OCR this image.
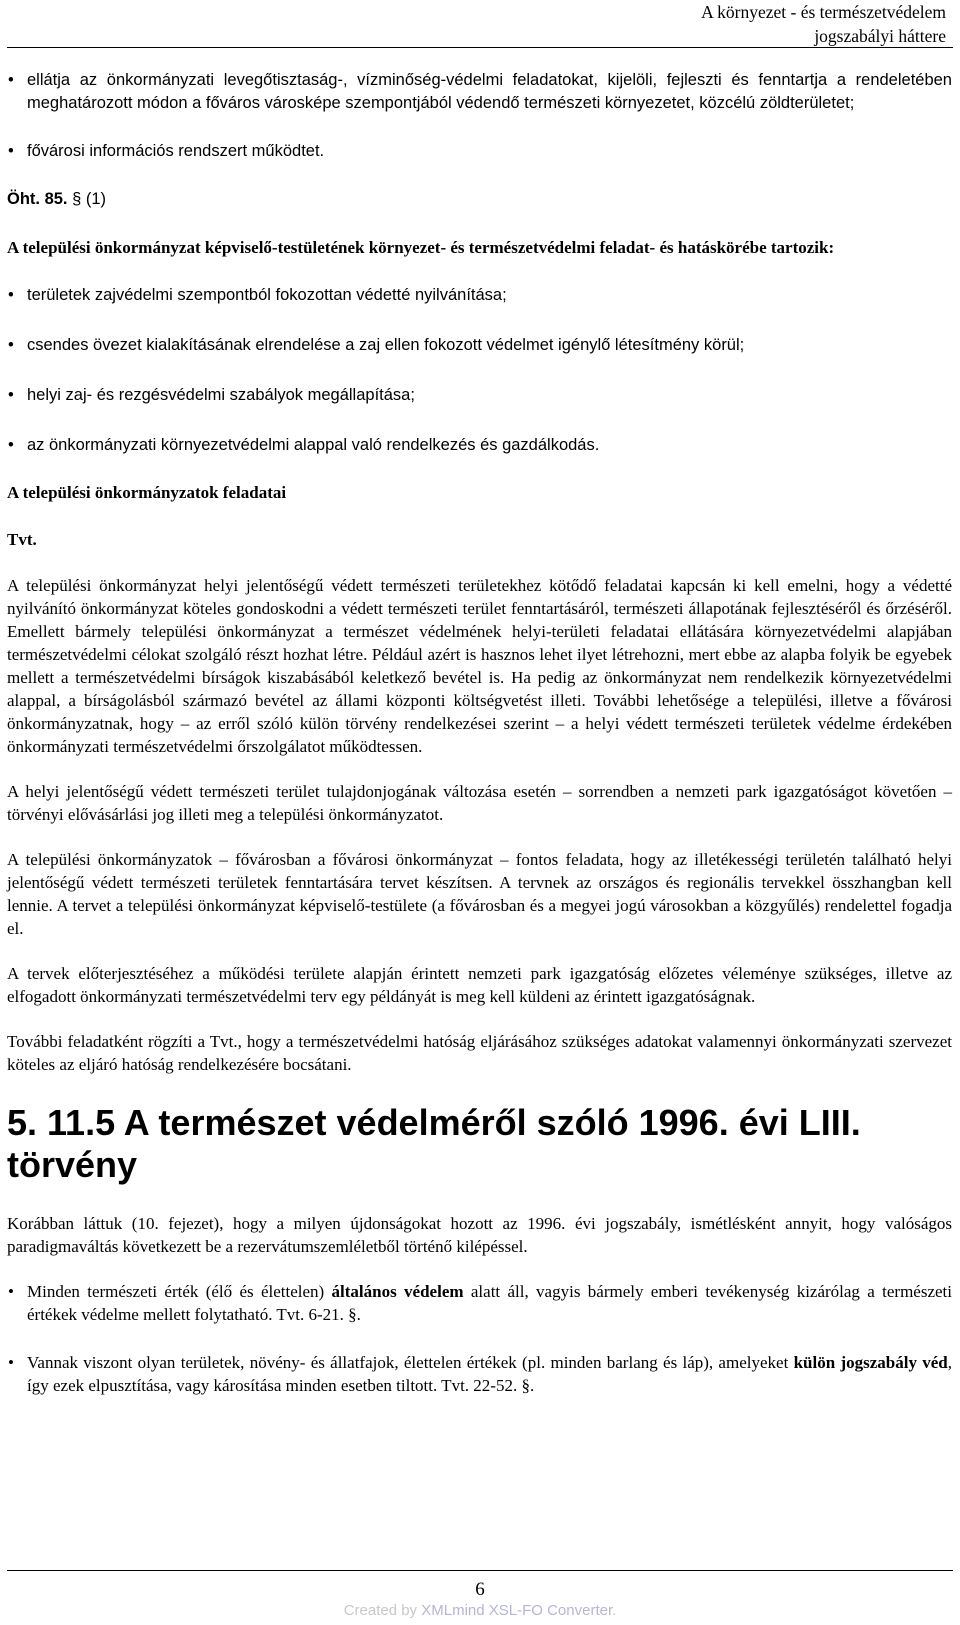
A környezet - és természetvédelem
jogszabályi háttere
• ellátja az önkormányzati levegőtisztaság-, vízminőség-védelmi feladatokat, kijelöli, fejleszti és fenntartja a rendeletében meghatározott módon a főváros városképe szempontjából védendő természeti környezetet, közcélú zöldterületet;
• fővárosi információs rendszert működtet.

Öht. 85. § (1)

A települési önkormányzat képviselő-testületének környezet- és természetvédelmi feladat- és hatáskörébe tartozik:

• területek zajvédelmi szempontból fokozottan védetté nyilvánítása;
• csendes övezet kialakításának elrendelése a zaj ellen fokozott védelmet igénylő létesítmény körül;
• helyi zaj- és rezgésvédelmi szabályok megállapítása;
• az önkormányzati környezetvédelmi alappal való rendelkezés és gazdálkodás.

A települési önkormányzatok feladatai

Tvt.

A települési önkormányzat helyi jelentőségű védett természeti területekhez kötődő feladatai kapcsán ki kell emelni, hogy a védetté nyilvánító önkormányzat köteles gondoskodni a védett természeti terület fenntartásáról, természeti állapotának fejlesztéséről és őrzéséről. Emellett bármely települési önkormányzat a természet védelmének helyi-területi feladatai ellátására környezetvédelmi alapjában természetvédelmi célokat szolgáló részt hozhat létre. Például azért is hasznos lehet ilyet létrehozni, mert ebbe az alapba folyik be egyebek mellett a természetvédelmi bírságok kiszabásából keletkező bevétel is. Ha pedig az önkormányzat nem rendelkezik környezetvédelmi alappal, a bírságolásból származó bevétel az állami központi költségvetést illeti. További lehetősége a települési, illetve a fővárosi önkormányzatnak, hogy – az erről szóló külön törvény rendelkezései szerint – a helyi védett természeti területek védelme érdekében önkormányzati természetvédelmi őrszolgálatot működtessen.

A helyi jelentőségű védett természeti terület tulajdonjogának változása esetén – sorrendben a nemzeti park igazgatóságot követően – törvényi elővásárlási jog illeti meg a települési önkormányzatot.

A települési önkormányzatok – fővárosban a fővárosi önkormányzat – fontos feladata, hogy az illetékességi területén található helyi jelentőségű védett természeti területek fenntartására tervet készítsen. A tervnek az országos és regionális tervekkel összhangban kell lennie. A tervet a települési önkormányzat képviselő-testülete (a fővárosban és a megyei jogú városokban a közgyűlés) rendelettel fogadja el.

A tervek előterjesztéséhez a működési területe alapján érintett nemzeti park igazgatóság előzetes véleménye szükséges, illetve az elfogadott önkormányzati természetvédelmi terv egy példányát is meg kell küldeni az érintett igazgatóságnak.

További feladatként rögzíti a Tvt., hogy a természetvédelmi hatóság eljárásához szükséges adatokat valamennyi önkormányzati szervezet köteles az eljáró hatóság rendelkezésére bocsátani.

5. 11.5 A természet védelméről szóló 1996. évi LIII. törvény

Korábban láttuk (10. fejezet), hogy a milyen újdonságokat hozott az 1996. évi jogszabály, ismétlésként annyit, hogy valóságos paradigmaváltás következett be a rezervátumszemléletből történő kilépéssel.

• Minden természeti érték (élő és élettelen) általános védelem alatt áll, vagyis bármely emberi tevékenység kizárólag a természeti értékek védelme mellett folytatható. Tvt. 6-21. §.
• Vannak viszont olyan területek, növény- és állatfajok, élettelen értékek (pl. minden barlang és láp), amelyeket külön jogszabály véd, így ezek elpusztítása, vagy károsítása minden esetben tiltott. Tvt. 22-52. §.
6
Created by XMLmind XSL-FO Converter.
